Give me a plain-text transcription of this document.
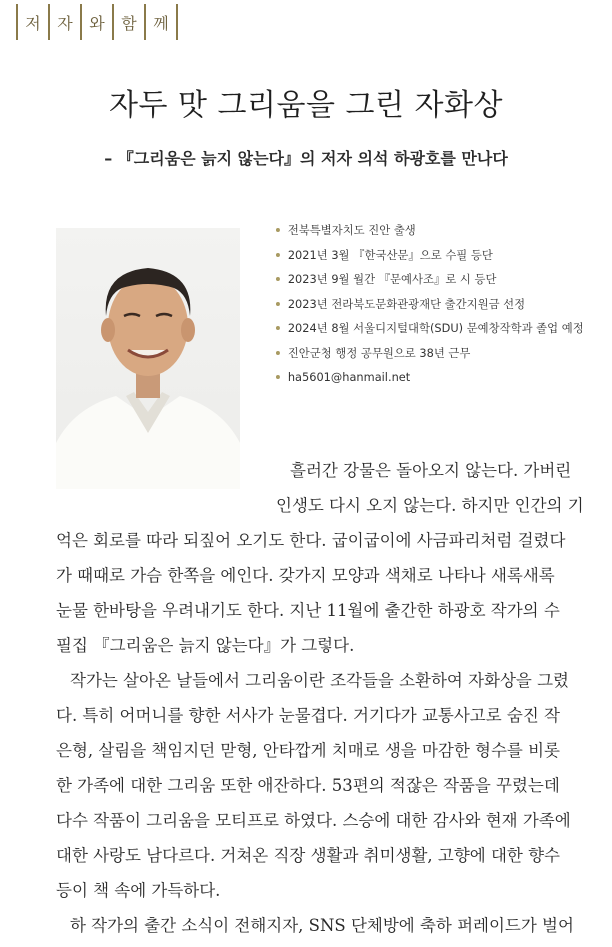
저	자	와	함	께
자두 맛 그리움을 그린 자화상
– 『그리움은 늙지 않는다』의 저자 의석 하광호를 만나다
전북특별자치도 진안 출생
2021년 3월 『한국산문』으로 수필 등단
2023년 9월 월간 『문예사조』로 시 등단
2023년 전라북도문화관광재단 출간지원금 선정
2024년 8월 서울디지털대학(SDU) 문예창작학과 졸업 예정
진안군청 행정 공무원으로 38년 근무
ha5601@hanmail.net
흘러간 강물은 돌아오지 않는다. 가버린
인생도 다시 오지 않는다. 하지만 인간의 기
억은 회로를 따라 되짚어 오기도 한다. 굽이굽이에 사금파리처럼 걸렸다
가 때때로 가슴 한쪽을 에인다. 갖가지 모양과 색채로 나타나 새록새록
눈물 한바탕을 우려내기도 한다. 지난 11월에 출간한 하광호 작가의 수
필집 『그리움은 늙지 않는다』가 그렇다.
작가는 살아온 날들에서 그리움이란 조각들을 소환하여 자화상을 그렸
다. 특히 어머니를 향한 서사가 눈물겹다. 거기다가 교통사고로 숨진 작
은형, 살림을 책임지던 맏형, 안타깝게 치매로 생을 마감한 형수를 비롯
한 가족에 대한 그리움 또한 애잔하다. 53편의 적잖은 작품을 꾸렸는데
다수 작품이 그리움을 모티프로 하였다. 스승에 대한 감사와 현재 가족에
대한 사랑도 남다르다. 거쳐온 직장 생활과 취미생활, 고향에 대한 향수
등이 책 속에 가득하다.
하 작가의 출간 소식이 전해지자, SNS 단체방에 축하 퍼레이드가 벌어
